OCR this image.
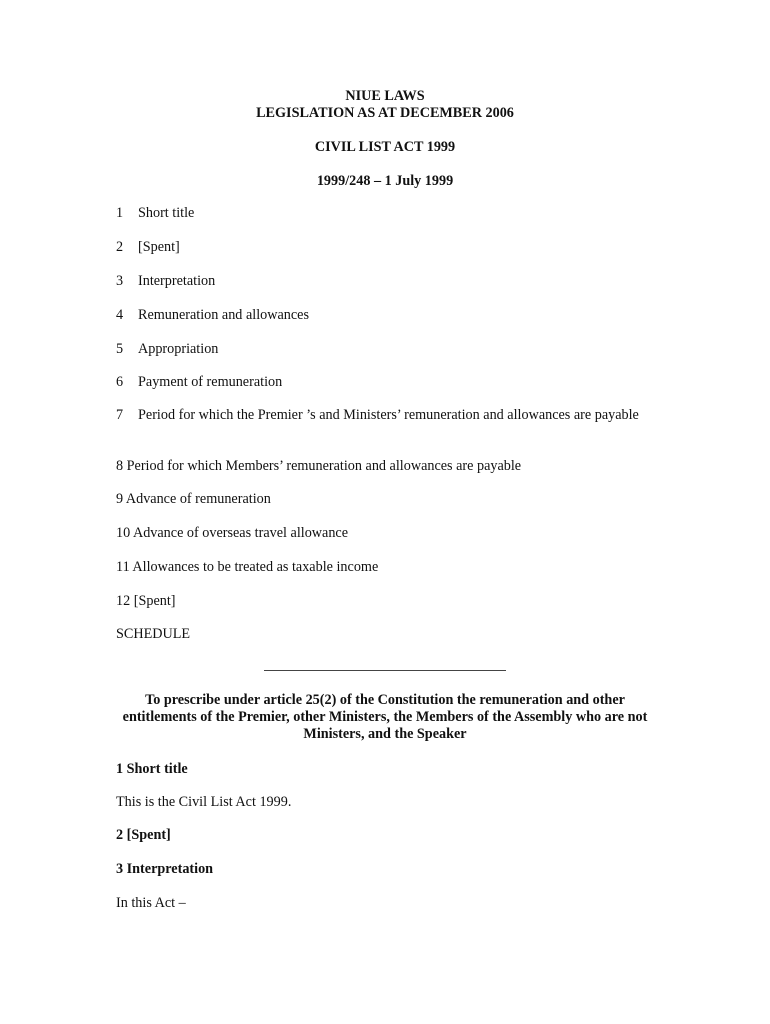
NIUE LAWS
LEGISLATION AS AT DECEMBER 2006
CIVIL LIST ACT 1999
1999/248 – 1 July 1999
1 Short title
2 [Spent]
3 Interpretation
4 Remuneration and allowances
5 Appropriation
6 Payment of remuneration
7 Period for which the Premier ’s and Ministers’ remuneration and allowances are payable
8 Period for which Members’ remuneration and allowances are payable
9 Advance of remuneration
10 Advance of overseas travel allowance
11 Allowances to be treated as taxable income
12 [Spent]
SCHEDULE
To prescribe under article 25(2) of the Constitution the remuneration and other entitlements of the Premier, other Ministers, the Members of the Assembly who are not Ministers, and the Speaker
1 Short title
This is the Civil List Act 1999.
2 [Spent]
3 Interpretation
In this Act –
